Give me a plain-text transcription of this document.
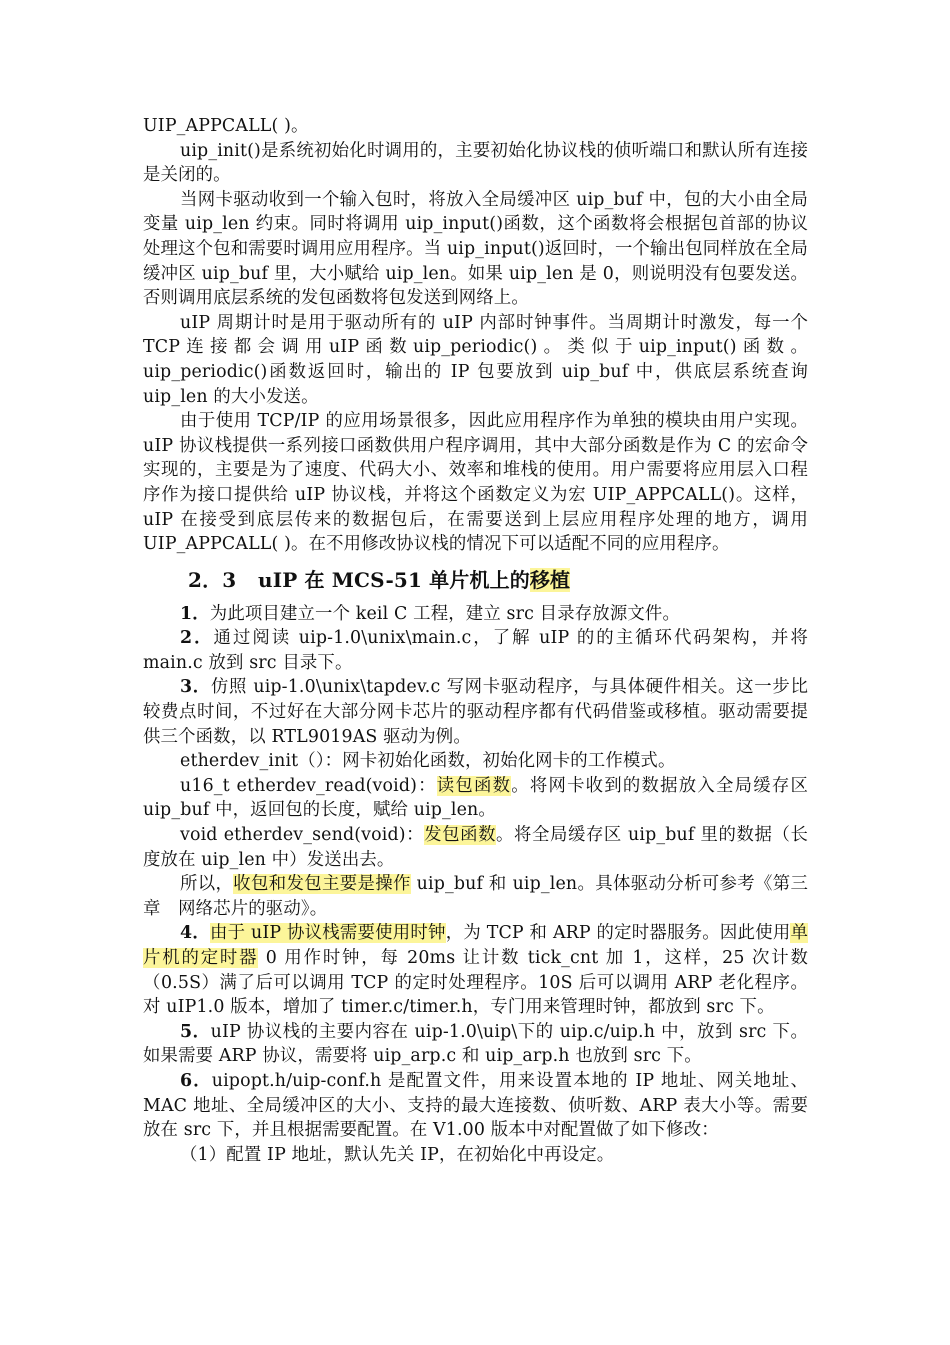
UIP_APPCALL( )。

uip_init()是系统初始化时调用的，主要初始化协议栈的侦听端口和默认所有连接是关闭的。

当网卡驱动收到一个输入包时，将放入全局缓冲区 uip_buf 中，包的大小由全局变量 uip_len 约束。同时将调用 uip_input()函数，这个函数将会根据包首部的协议处理这个包和需要时调用应用程序。当 uip_input()返回时，一个输出包同样放在全局缓冲区 uip_buf 里，大小赋给 uip_len。如果 uip_len 是 0，则说明没有包要发送。否则调用底层系统的发包函数将包发送到网络上。

uIP 周期计时是用于驱动所有的 uIP 内部时钟事件。当周期计时激发，每一个TCP连接都会调用uIP函数uip_periodic()。类似于uip_input()函数。uip_periodic()函数返回时，输出的 IP 包要放到 uip_buf 中，供底层系统查询 uip_len 的大小发送。

由于使用 TCP/IP 的应用场景很多，因此应用程序作为单独的模块由用户实现。uIP 协议栈提供一系列接口函数供用户程序调用，其中大部分函数是作为 C 的宏命令实现的，主要是为了速度、代码大小、效率和堆栈的使用。用户需要将应用层入口程序作为接口提供给 uIP 协议栈，并将这个函数定义为宏 UIP_APPCALL()。这样，uIP 在接受到底层传来的数据包后，在需要送到上层应用程序处理的地方，调用 UIP_APPCALL( )。在不用修改协议栈的情况下可以适配不同的应用程序。

2．3 uIP 在 MCS-51 单片机上的移植

1．为此项目建立一个 keil C 工程，建立 src 目录存放源文件。

2．通过阅读 uip-1.0\unix\main.c，了解 uIP 的的主循环代码架构，并将 main.c 放到 src 目录下。

3．仿照 uip-1.0\unix\tapdev.c 写网卡驱动程序，与具体硬件相关。这一步比较费点时间，不过好在大部分网卡芯片的驱动程序都有代码借鉴或移植。驱动需要提供三个函数，以 RTL9019AS 驱动为例。

etherdev_init（）：网卡初始化函数，初始化网卡的工作模式。

u16_t etherdev_read(void)：读包函数。将网卡收到的数据放入全局缓存区 uip_buf 中，返回包的长度，赋给 uip_len。

void etherdev_send(void)：发包函数。将全局缓存区 uip_buf 里的数据（长度放在 uip_len 中）发送出去。

所以，收包和发包主要是操作 uip_buf 和 uip_len。具体驱动分析可参考《第三章　网络芯片的驱动》。

4．由于 uIP 协议栈需要使用时钟，为 TCP 和 ARP 的定时器服务。因此使用单片机的定时器 0 用作时钟，每 20ms 让计数 tick_cnt 加 1，这样，25 次计数（0.5S）满了后可以调用 TCP 的定时处理程序。10S 后可以调用 ARP 老化程序。对 uIP1.0 版本，增加了 timer.c/timer.h，专门用来管理时钟，都放到 src 下。

5．uIP 协议栈的主要内容在 uip-1.0\uip\下的 uip.c/uip.h 中，放到 src 下。如果需要 ARP 协议，需要将 uip_arp.c 和 uip_arp.h 也放到 src 下。

6．uipopt.h/uip-conf.h 是配置文件，用来设置本地的 IP 地址、网关地址、MAC 地址、全局缓冲区的大小、支持的最大连接数、侦听数、ARP 表大小等。需要放在 src 下，并且根据需要配置。在 V1.00 版本中对配置做了如下修改：

（1）配置 IP 地址，默认先关 IP，在初始化中再设定。
